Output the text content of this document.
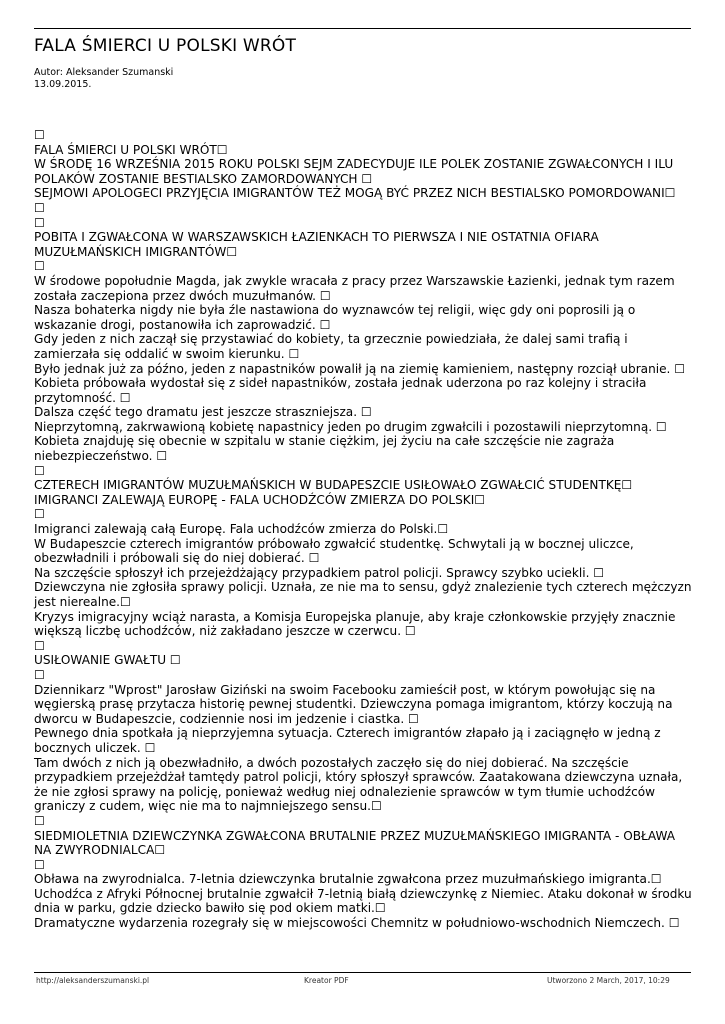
FALA ŚMIERCI U POLSKI WRÓT
Autor: Aleksander Szumanski
13.09.2015.

☐

FALA ŚMIERCI U POLSKI WRÓT☐

W ŚRODĘ 16 WRZEŚNIA 2015 ROKU POLSKI SEJM ZADECYDUJE ILE POLEK ZOSTANIE ZGWAŁCONYCH I ILU POLAKÓW ZOSTANIE BESTIALSKO ZAMORDOWANYCH ☐

SEJMOWI APOLOGECI PRZYJĘCIA IMIGRANTÓW TEŻ MOGĄ BYĆ PRZEZ NICH BESTIALSKO POMORDOWANI☐

☐

☐

POBITA I ZGWAŁCONA W WARSZAWSKICH ŁAZIENKACH TO PIERWSZA I NIE OSTATNIA OFIARA MUZUŁMAŃSKICH IMIGRANTÓW☐

☐

W środowe popołudnie Magda, jak zwykle wracała z pracy przez Warszawskie Łazienki, jednak tym razem została zaczepiona przez dwóch muzułmanów. ☐

Nasza bohaterka nigdy nie była źle nastawiona do wyznawców tej religii, więc gdy oni poprosili ją o wskazanie drogi, postanowiła ich zaprowadzić. ☐

Gdy jeden z nich zaczął się przystawiać do kobiety, ta grzecznie powiedziała, że dalej sami trafią i zamierzała się oddalić w swoim kierunku. ☐

Było jednak już za późno, jeden z napastników powalił ją na ziemię kamieniem, następny rozciął ubranie. ☐

Kobieta próbowała wydostał się z sideł napastników, została jednak uderzona po raz kolejny i straciła przytomność. ☐

Dalsza część tego dramatu jest jeszcze straszniejsza. ☐

Nieprzytomną, zakrwawioną kobietę napastnicy jeden po drugim zgwałcili i pozostawili nieprzytomną. ☐

Kobieta znajduję się obecnie w szpitalu w stanie ciężkim, jej życiu na całe szczęście nie zagraża niebezpieczeństwo. ☐

☐

CZTERECH IMIGRANTÓW MUZUŁMAŃSKICH W BUDAPESZCIE USIŁOWAŁO ZGWAŁCIĆ STUDENTKĘ☐

IMIGRANCI ZALEWAJĄ EUROPĘ - FALA UCHODŹCÓW ZMIERZA DO POLSKI☐

☐

Imigranci zalewają całą Europę. Fala uchodźców zmierza do Polski.☐

W Budapeszcie czterech imigrantów próbowało zgwałcić studentkę. Schwytali ją w bocznej uliczce, obezwładnili i próbowali się do niej dobierać. ☐

Na szczęście spłoszył ich przejeżdżający przypadkiem patrol policji. Sprawcy szybko uciekli. ☐

Dziewczyna nie zgłosiła sprawy policji. Uznała, ze nie ma to sensu, gdyż znalezienie tych czterech mężczyzn jest nierealne.☐

Kryzys imigracyjny wciąż narasta, a Komisja Europejska planuje, aby kraje członkowskie przyjęły znacznie większą liczbę uchodźców, niż zakładano jeszcze w czerwcu. ☐

☐

USIŁOWANIE GWAŁTU ☐

☐

Dziennikarz "Wprost" Jarosław Giziński na swoim Facebooku zamieścił post, w którym powołując się na węgierską prasę przytacza historię pewnej studentki. Dziewczyna pomaga imigrantom, którzy koczują na dworcu w Budapeszcie, codziennie nosi im jedzenie i ciastka. ☐

Pewnego dnia spotkała ją nieprzyjemna sytuacja. Czterech imigrantów złapało ją i zaciągnęło w jedną z bocznych uliczek. ☐

Tam dwóch z nich ją obezwładniło, a dwóch pozostałych zaczęło się do niej dobierać. Na szczęście przypadkiem przejeżdżał tamtędy patrol policji, który spłoszył sprawców. Zaatakowana dziewczyna uznała, że nie zgłosi sprawy na policję, ponieważ według niej odnalezienie sprawców w tym tłumie uchodźców graniczy z cudem, więc nie ma to najmniejszego sensu.☐

☐

SIEDMIOLETNIA DZIEWCZYNKA ZGWAŁCONA BRUTALNIE PRZEZ MUZUŁMAŃSKIEGO IMIGRANTA - OBŁAWA NA ZWYRODNIALCA☐

☐

Obława na zwyrodnialca. 7-letnia dziewczynka brutalnie zgwałcona przez muzułmańskiego imigranta.☐

Uchodźca z Afryki Północnej brutalnie zgwałcił 7-letnią białą dziewczynkę z Niemiec. Ataku dokonał w środku dnia w parku, gdzie dziecko bawiło się pod okiem matki.☐

Dramatyczne wydarzenia rozegrały się w miejscowości Chemnitz w południowo-wschodnich Niemczech. ☐

http://aleksanderszumanski.pl	Kreator PDF	Utworzono 2 March, 2017, 10:29
